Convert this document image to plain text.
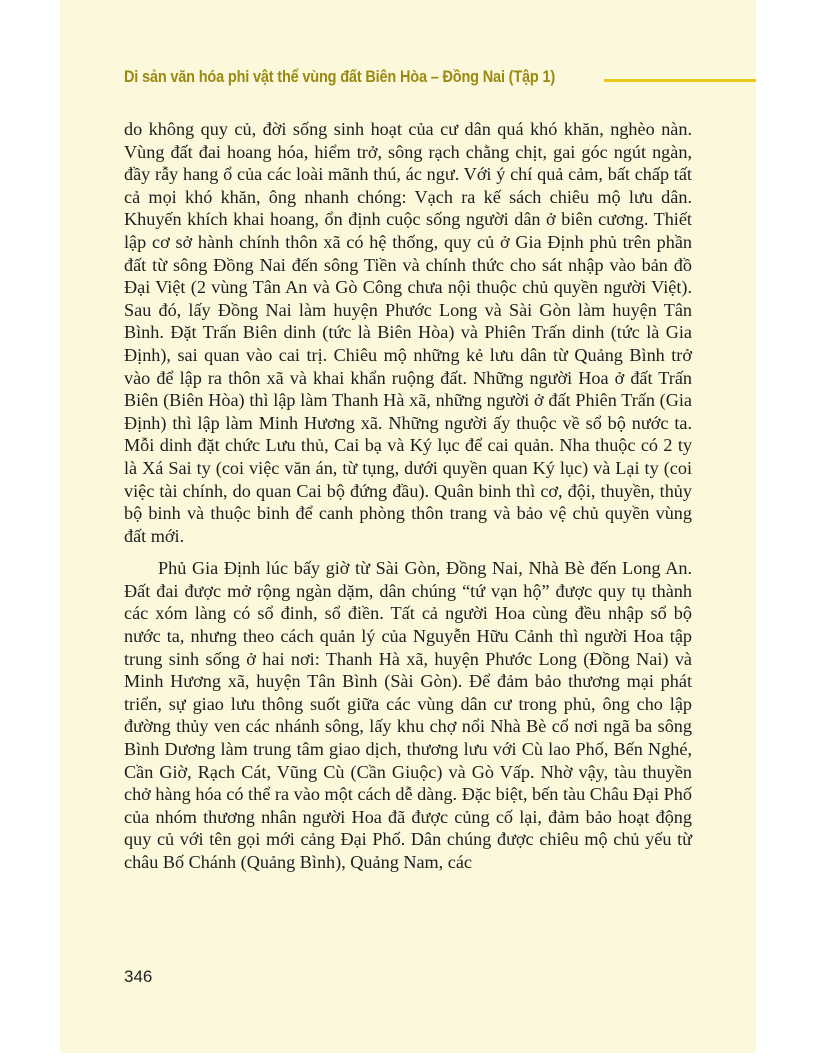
Di sản văn hóa phi vật thể vùng đất Biên Hòa – Đồng Nai (Tập 1)

do không quy củ, đời sống sinh hoạt của cư dân quá khó khăn, nghèo nàn. Vùng đất đai hoang hóa, hiểm trở, sông rạch chằng chịt, gai góc ngút ngàn, đầy rẫy hang ổ của các loài mãnh thú, ác ngư. Với ý chí quả cảm, bất chấp tất cả mọi khó khăn, ông nhanh chóng: Vạch ra kế sách chiêu mộ lưu dân. Khuyến khích khai hoang, ổn định cuộc sống người dân ở biên cương. Thiết lập cơ sở hành chính thôn xã có hệ thống, quy củ ở Gia Định phủ trên phần đất từ sông Đồng Nai đến sông Tiền và chính thức cho sát nhập vào bản đồ Đại Việt (2 vùng Tân An và Gò Công chưa nội thuộc chủ quyền người Việt). Sau đó, lấy Đồng Nai làm huyện Phước Long và Sài Gòn làm huyện Tân Bình. Đặt Trấn Biên dinh (tức là Biên Hòa) và Phiên Trấn dinh (tức là Gia Định), sai quan vào cai trị. Chiêu mộ những kẻ lưu dân từ Quảng Bình trở vào để lập ra thôn xã và khai khẩn ruộng đất. Những người Hoa ở đất Trấn Biên (Biên Hòa) thì lập làm Thanh Hà xã, những người ở đất Phiên Trấn (Gia Định) thì lập làm Minh Hương xã. Những người ấy thuộc về sổ bộ nước ta. Mỗi dinh đặt chức Lưu thủ, Cai bạ và Ký lục để cai quản. Nha thuộc có 2 ty là Xá Sai ty (coi việc văn án, từ tụng, dưới quyền quan Ký lục) và Lại ty (coi việc tài chính, do quan Cai bộ đứng đầu). Quân binh thì cơ, đội, thuyền, thủy bộ binh và thuộc binh để canh phòng thôn trang và bảo vệ chủ quyền vùng đất mới.

Phủ Gia Định lúc bấy giờ từ Sài Gòn, Đồng Nai, Nhà Bè đến Long An. Đất đai được mở rộng ngàn dặm, dân chúng “tứ vạn hộ” được quy tụ thành các xóm làng có sổ đinh, sổ điền. Tất cả người Hoa cùng đều nhập sổ bộ nước ta, nhưng theo cách quản lý của Nguyễn Hữu Cảnh thì người Hoa tập trung sinh sống ở hai nơi: Thanh Hà xã, huyện Phước Long (Đồng Nai) và Minh Hương xã, huyện Tân Bình (Sài Gòn). Để đảm bảo thương mại phát triển, sự giao lưu thông suốt giữa các vùng dân cư trong phủ, ông cho lập đường thủy ven các nhánh sông, lấy khu chợ nổi Nhà Bè cổ nơi ngã ba sông Bình Dương làm trung tâm giao dịch, thương lưu với Cù lao Phố, Bến Nghé, Cần Giờ, Rạch Cát, Vũng Cù (Cần Giuộc) và Gò Vấp. Nhờ vậy, tàu thuyền chở hàng hóa có thể ra vào một cách dễ dàng. Đặc biệt, bến tàu Châu Đại Phố của nhóm thương nhân người Hoa đã được củng cố lại, đảm bảo hoạt động quy củ với tên gọi mới cảng Đại Phố. Dân chúng được chiêu mộ chủ yếu từ châu Bố Chánh (Quảng Bình), Quảng Nam, các

346
